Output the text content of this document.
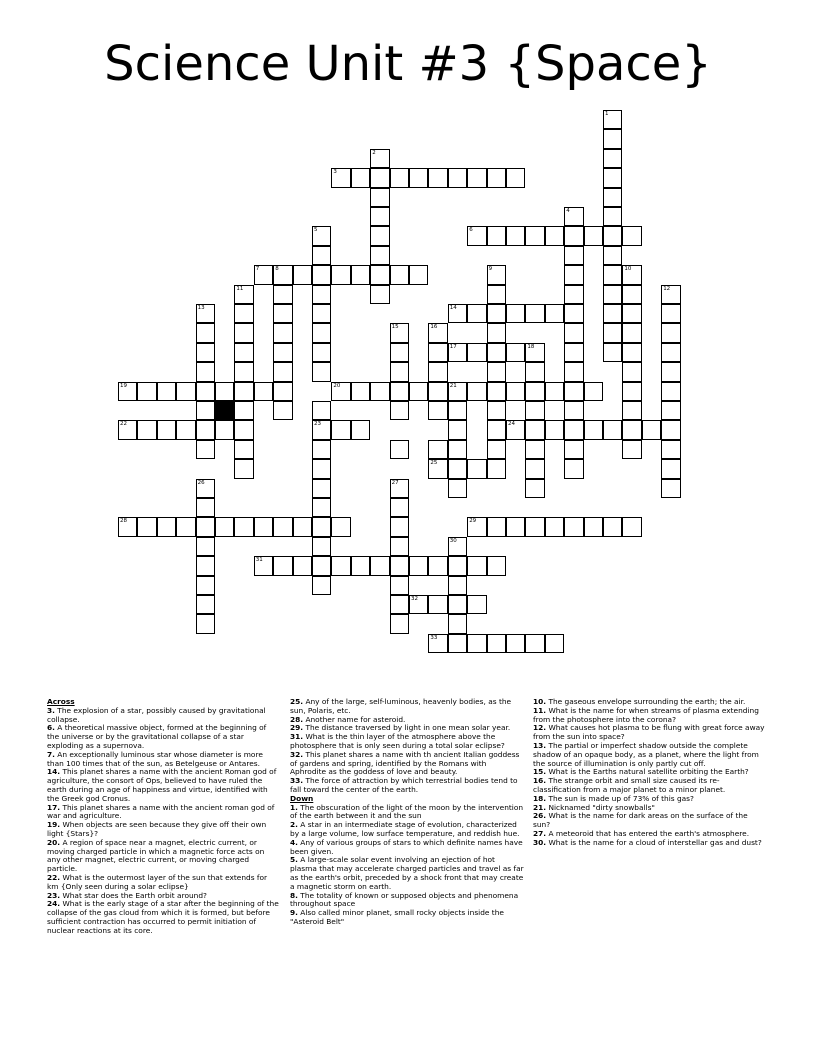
Science Unit #3 {Space}
1
2
3
4
5	6
7	8	9	10
11	12
13	14
15	16
17	18
19	20	21
22	23	24
25
26	27
28	29
30
31
32
33
Across
3. The explosion of a star, possibly caused by gravitational collapse.
6. A theoretical massive object, formed at the beginning of the universe or by the gravitational collapse of a star exploding as a supernova.
7. An exceptionally luminous star whose diameter is more than 100 times that of the sun, as Betelgeuse or Antares.
14. This planet shares a name with the ancient Roman god of agriculture, the consort of Ops, believed to have ruled the earth during an age of happiness and virtue, identified with the Greek god Cronus.
17. This planet shares a name with the ancient roman god of war and agriculture.
19. When objects are seen because they give off their own light {Stars}?
20. A region of space near a magnet, electric current, or moving charged particle in which a magnetic force acts on any other magnet, electric current, or moving charged particle.
22. What is the outermost layer of the sun that extends for km {Only seen during a solar eclipse}
23. What star does the Earth orbit around?
24. What is the early stage of a star after the beginning of the collapse of the gas cloud from which it is formed, but before sufficient contraction has occurred to permit initiation of nuclear reactions at its core.
25. Any of the large, self-luminous, heavenly bodies, as the sun, Polaris, etc.
28. Another name for asteroid.
29. The distance traversed by light in one mean solar year.
31. What is the thin layer of the atmosphere above the photosphere that is only seen during a total solar eclipse?
32. This planet shares a name with th ancient Italian goddess of gardens and spring, identified by the Romans with Aphrodite as the goddess of love and beauty.
33. The force of attraction by which terrestrial bodies tend to fall toward the center of the earth.
Down
1. The obscuration of the light of the moon by the intervention of the earth between it and the sun
2. A star in an intermediate stage of evolution, characterized by a large volume, low surface temperature, and reddish hue.
4. Any of various groups of stars to which definite names have been given.
5. A large-scale solar event involving an ejection of hot plasma that may accelerate charged particles and travel as far as the earth's orbit, preceded by a shock front that may create a magnetic storm on earth.
8. The totality of known or supposed objects and phenomena throughout space
9. Also called minor planet, small rocky objects inside the "Asteroid Belt"
10. The gaseous envelope surrounding the earth; the air.
11. What is the name for when streams of plasma extending from the photosphere into the corona?
12. What causes hot plasma to be flung with great force away from the sun into space?
13. The partial or imperfect shadow outside the complete shadow of an opaque body, as a planet, where the light from the source of illumination is only partly cut off.
15. What is the Earths natural satellite orbiting the Earth?
16. The strange orbit and small size caused its re-classification from a major planet to a minor planet.
18. The sun is made up of 73% of this gas?
21. Nicknamed "dirty snowballs"
26. What is the name for dark areas on the surface of the sun?
27. A meteoroid that has entered the earth's atmosphere.
30. What is the name for a cloud of interstellar gas and dust?
